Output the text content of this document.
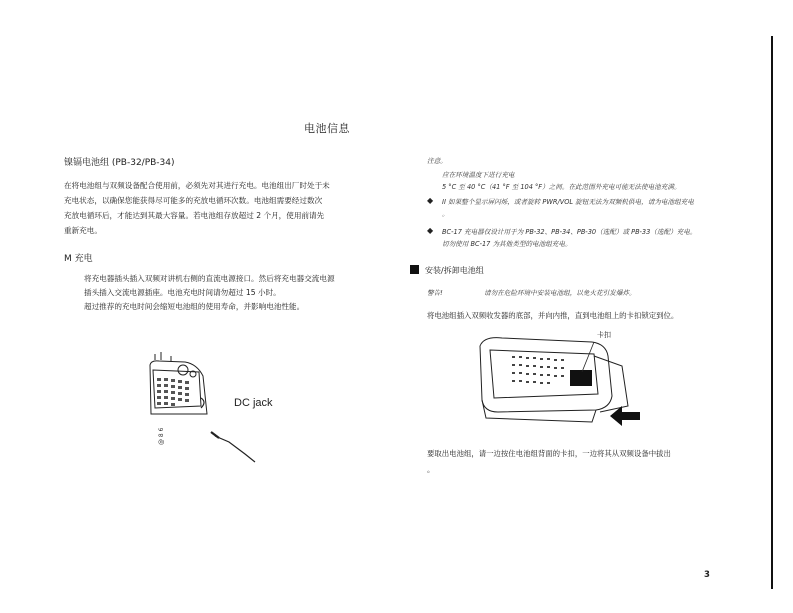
电池信息
镍镉电池组 (PB-32/PB-34)
在将电池组与双频设备配合使用前，必须先对其进行充电。电池组出厂时处于未
充电状态，以确保您能获得尽可能多的充放电循环次数。电池组需要经过数次
充放电循环后，才能达到其最大容量。若电池组存放超过 2 个月，使用前请先
重新充电。
M 充电
将充电器插头插入双频对讲机右侧的直流电源接口。然后将充电器交流电源
插头插入交流电源插座。电池充电时间请勿超过 15 小时。
超过推荐的充电时间会缩短电池组的使用寿命，并影响电池性能。
DC jack
@ 8 6
注意。
应在环境温度下进行充电
5 °C 至 40 °C（41 °F 至 104 °F）之间。在此范围外充电可能无法使电池充满。
◆ II 如果整个显示屏闪烁，或者旋转 PWR/VOL 旋钮无法为双频机供电，请为电池组充电
。
◆ BC-17 充电器仅设计用于为 PB-32、PB-34、PB-30（选配）或 PB-33（选配）充电。
切勿使用 BC-17 为其他类型的电池组充电。
安装/拆卸电池组
警告!	请勿在危险环境中安装电池组，以免火花引发爆炸。
将电池组插入双频收发器的底部，并向内推，直到电池组上的卡扣锁定到位。
卡扣
要取出电池组，请一边按住电池组背面的卡扣，一边将其从双频设备中拔出
。
3
